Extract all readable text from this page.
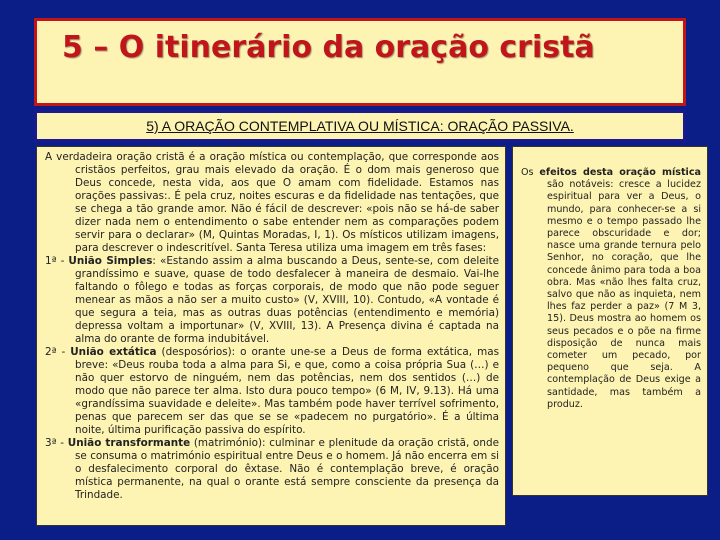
5 – O itinerário da oração cristã
5) A ORAÇÃO CONTEMPLATIVA OU MÍSTICA: ORAÇÃO PASSIVA.

A verdadeira oração cristã é a oração mística ou contemplação, que corresponde aos cristãos perfeitos, grau mais elevado da oração. É o dom mais generoso que Deus concede, nesta vida, aos que O amam com fidelidade. Estamos nas orações passivas:. É pela cruz, noites escuras e da fidelidade nas tentações, que se chega a tão grande amor. Não é fácil de descrever: «pois não se há-de saber dizer nada nem o entendimento o sabe entender nem as comparações podem servir para o declarar» (M, Quintas Moradas, I, 1). Os místicos utilizam imagens, para descrever o indescritível. Santa Teresa utiliza uma imagem em três fases:

1ª - União Simples: «Estando assim a alma buscando a Deus, sente-se, com deleite grandíssimo e suave, quase de todo desfalecer à maneira de desmaio. Vai-lhe faltando o fôlego e todas as forças corporais, de modo que não pode seguer menear as mãos a não ser a muito custo» (V, XVIII, 10). Contudo, «A vontade é que segura a teia, mas as outras duas potências (entendimento e memória) depressa voltam a importunar» (V, XVIII, 13). A Presença divina é captada na alma do orante de forma indubitável.

2ª - União extática (desposórios): o orante une-se a Deus de forma extática, mas breve: «Deus rouba toda a alma para Si, e que, como a coisa própria Sua (…) e não quer estorvo de ninguém, nem das potências, nem dos sentidos (…) de modo que não parece ter alma. Isto dura pouco tempo» (6 M, IV, 9.13). Há uma «grandíssima suavidade e deleite». Mas também pode haver terrível sofrimento, penas que parecem ser das que se se «padecem no purgatório». É a última noite, última purificação passiva do espírito.

3ª - União transformante (matrimónio): culminar e plenitude da oração cristã, onde se consuma o matrimónio espiritual entre Deus e o homem. Já não encerra em si o desfalecimento corporal do êxtase. Não é contemplação breve, é oração mística permanente, na qual o orante está sempre consciente da presença da Trindade.

Os efeitos desta oração mística são notáveis: cresce a lucidez espiritual para ver a Deus, o mundo, para conhecer-se a si mesmo e o tempo passado lhe parece obscuridade e dor; nasce uma grande ternura pelo Senhor, no coração, que lhe concede ânimo para toda a boa obra. Mas «não lhes falta cruz, salvo que não as inquieta, nem lhes faz perder a paz» (7 M 3, 15). Deus mostra ao homem os seus pecados e o põe na firme disposição de nunca mais cometer um pecado, por pequeno que seja. A contemplação de Deus exige a santidade, mas também a produz.
